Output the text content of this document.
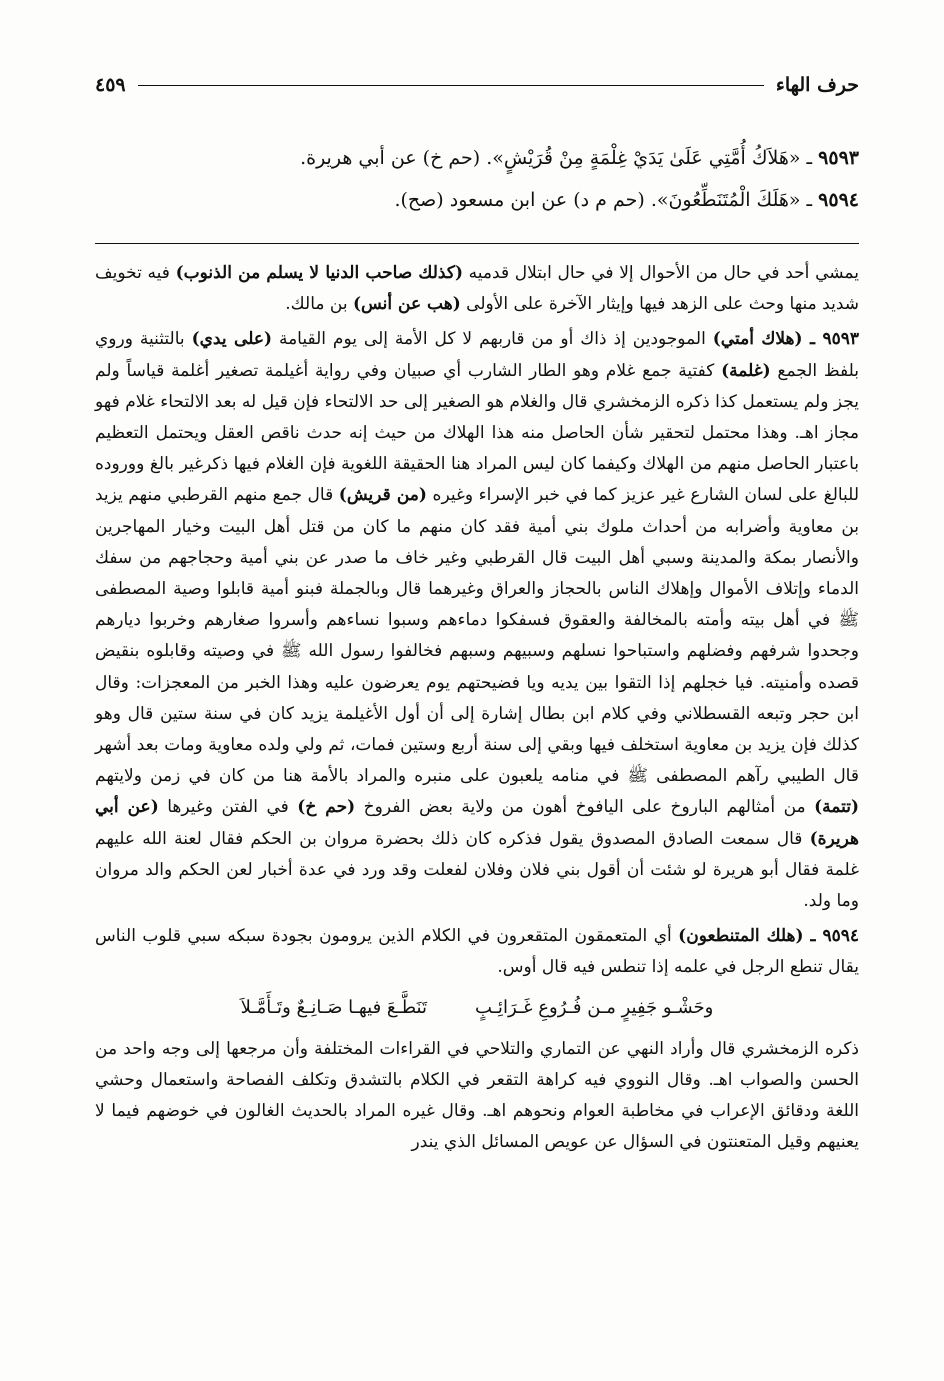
حرف الهاء
٤٥٩
٩٥٩٣ ـ «هَلاَكُ أُمَّتِي عَلَىٰ يَدَيْ غِلْمَةٍ مِنْ قُرَيْشٍ». (حم خ) عن أبي هريرة.
٩٥٩٤ ـ «هَلَكَ الْمُتَنَطِّعُونَ». (حم م د) عن ابن مسعود (صح).

يمشي أحد في حال من الأحوال إلا في حال ابتلال قدميه (كذلك صاحب الدنيا لا يسلم من الذنوب) فيه تخويف شديد منها وحث على الزهد فيها وإيثار الآخرة على الأولى (هب عن أنس) بن مالك.

٩٥٩٣ ـ (هلاك أمتي) الموجودين إذ ذاك أو من قاربهم لا كل الأمة إلى يوم القيامة (على يدي) بالتثنية وروي بلفظ الجمع (غلمة) كفتية جمع غلام وهو الطار الشارب أي صبيان وفي رواية أغيلمة تصغير أغلمة قياساً ولم يجز ولم يستعمل كذا ذكره الزمخشري قال والغلام هو الصغير إلى حد الالتحاء فإن قيل له بعد الالتحاء غلام فهو مجاز اهـ. وهذا محتمل لتحقير شأن الحاصل منه هذا الهلاك من حيث إنه حدث ناقص العقل ويحتمل التعظيم باعتبار الحاصل منهم من الهلاك وكيفما كان ليس المراد هنا الحقيقة اللغوية فإن الغلام فيها ذكرغير بالغ ووروده للبالغ على لسان الشارع غير عزيز كما في خبر الإسراء وغيره (من قريش) قال جمع منهم القرطبي منهم يزيد بن معاوية وأضرابه من أحداث ملوك بني أمية فقد كان منهم ما كان من قتل أهل البيت وخيار المهاجرين والأنصار بمكة والمدينة وسبي أهل البيت قال القرطبي وغير خاف ما صدر عن بني أمية وحجاجهم من سفك الدماء وإتلاف الأموال وإهلاك الناس بالحجاز والعراق وغيرهما قال وبالجملة فبنو أمية قابلوا وصية المصطفى ﷺ في أهل بيته وأمته بالمخالفة والعقوق فسفكوا دماءهم وسبوا نساءهم وأسروا صغارهم وخربوا ديارهم وجحدوا شرفهم وفضلهم واستباحوا نسلهم وسبيهم وسبهم فخالفوا رسول الله ﷺ في وصيته وقابلوه بنقيض قصده وأمنيته. فيا خجلهم إذا التقوا بين يديه ويا فضيحتهم يوم يعرضون عليه وهذا الخبر من المعجزات: وقال ابن حجر وتبعه القسطلاني وفي كلام ابن بطال إشارة إلى أن أول الأغيلمة يزيد كان في سنة ستين قال وهو كذلك فإن يزيد بن معاوية استخلف فيها وبقي إلى سنة أربع وستين فمات، ثم ولي ولده معاوية ومات بعد أشهر قال الطيبي رآهم المصطفى ﷺ في منامه يلعبون على منبره والمراد بالأمة هنا من كان في زمن ولايتهم (تتمة) من أمثالهم الباروخ على اليافوخ أهون من ولاية بعض الفروخ (حم خ) في الفتن وغيرها (عن أبي هريرة) قال سمعت الصادق المصدوق يقول فذكره كان ذلك بحضرة مروان بن الحكم فقال لعنة الله عليهم غلمة فقال أبو هريرة لو شئت أن أقول بني فلان وفلان لفعلت وقد ورد في عدة أخبار لعن الحكم والد مروان وما ولد.

٩٥٩٤ ـ (هلك المتنطعون) أي المتعمقون المتقعرون في الكلام الذين يرومون بجودة سبكه سبي قلوب الناس يقال تنطع الرجل في علمه إذا تنطس فيه قال أوس.

وحَشْـو جَفِيرٍ مـن فُـرُوعِ غَـرَائِـبٍ
تَنَطَّـعَ فيهـا صَـانِـعٌ وتَـأَمَّـلاَ

ذكره الزمخشري قال وأراد النهي عن التماري والتلاحي في القراءات المختلفة وأن مرجعها إلى وجه واحد من الحسن والصواب اهـ. وقال النووي فيه كراهة التقعر في الكلام بالتشدق وتكلف الفصاحة واستعمال وحشي اللغة ودقائق الإعراب في مخاطبة العوام ونحوهم اهـ. وقال غيره المراد بالحديث الغالون في خوضهم فيما لا يعنيهم وقيل المتعنتون في السؤال عن عويص المسائل الذي يندر
